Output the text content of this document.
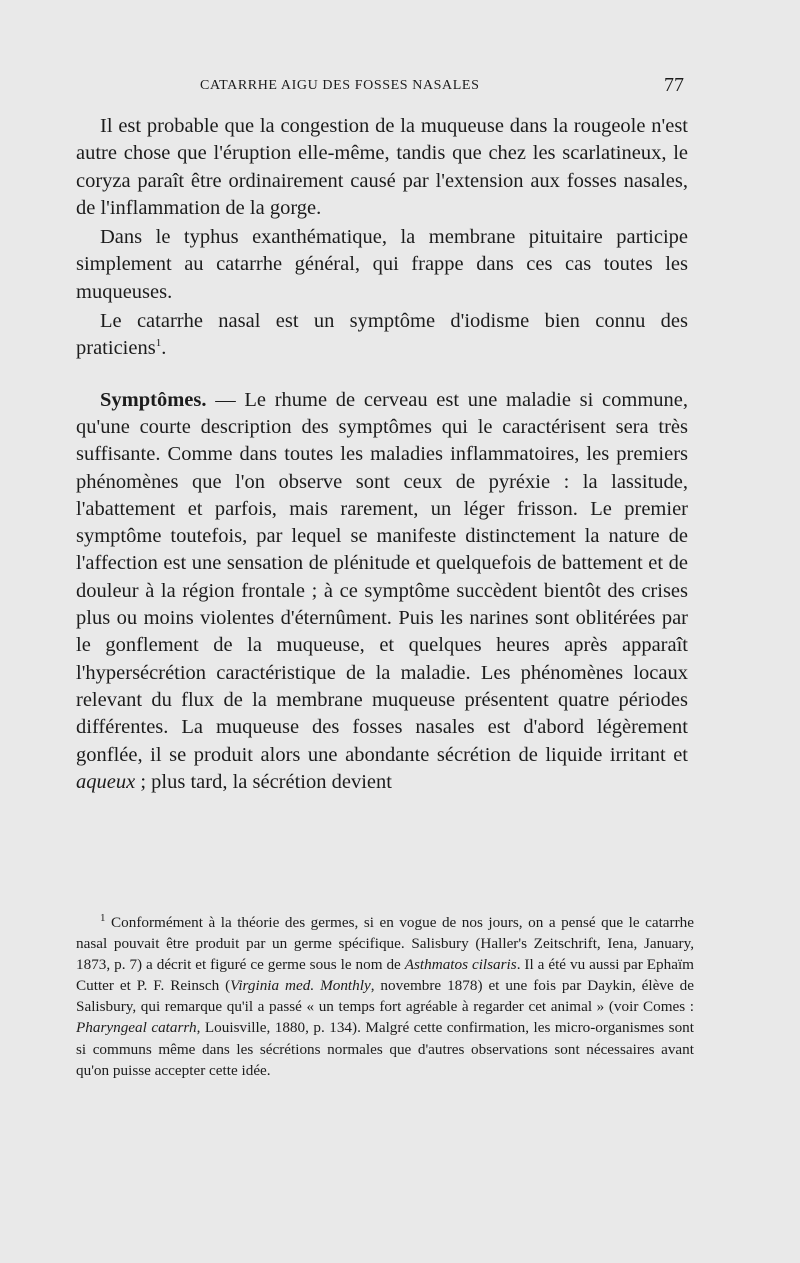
CATARRHE AIGU DES FOSSES NASALES	77

Il est probable que la congestion de la muqueuse dans la rougeole n'est autre chose que l'éruption elle-même, tandis que chez les scarlatineux, le coryza paraît être ordinairement causé par l'extension aux fosses nasales, de l'inflammation de la gorge.

Dans le typhus exanthématique, la membrane pituitaire participe simplement au catarrhe général, qui frappe dans ces cas toutes les muqueuses.

Le catarrhe nasal est un symptôme d'iodisme bien connu des praticiens$^1$.

Symptômes. — Le rhume de cerveau est une maladie si commune, qu'une courte description des symptômes qui le caractérisent sera très suffisante. Comme dans toutes les maladies inflammatoires, les premiers phénomènes que l'on observe sont ceux de pyréxie : la lassitude, l'abattement et parfois, mais rarement, un léger frisson. Le premier symptôme toutefois, par lequel se manifeste distinctement la nature de l'affection est une sensation de plénitude et quelquefois de battement et de douleur à la région frontale ; à ce symptôme succèdent bientôt des crises plus ou moins violentes d'éternûment. Puis les narines sont oblitérées par le gonflement de la muqueuse, et quelques heures après apparaît l'hypersécrétion caractéristique de la maladie. Les phénomènes locaux relevant du flux de la membrane muqueuse présentent quatre périodes différentes. La muqueuse des fosses nasales est d'abord légèrement gonflée, il se produit alors une abondante sécrétion de liquide irritant et aqueux ; plus tard, la sécrétion devient

$^1$ Conformément à la théorie des germes, si en vogue de nos jours, on a pensé que le catarrhe nasal pouvait être produit par un germe spécifique. Salisbury (Haller's Zeitschrift, Iena, January, 1873, p. 7) a décrit et figuré ce germe sous le nom de Asthmatos cilsaris. Il a été vu aussi par Ephaïm Cutter et P. F. Reinsch (Virginia med. Monthly, novembre 1878) et une fois par Daykin, élève de Salisbury, qui remarque qu'il a passé « un temps fort agréable à regarder cet animal » (voir Comes : Pharyngeal catarrh, Louisville, 1880, p. 134). Malgré cette confirmation, les micro-organismes sont si communs même dans les sécrétions normales que d'autres observations sont nécessaires avant qu'on puisse accepter cette idée.
